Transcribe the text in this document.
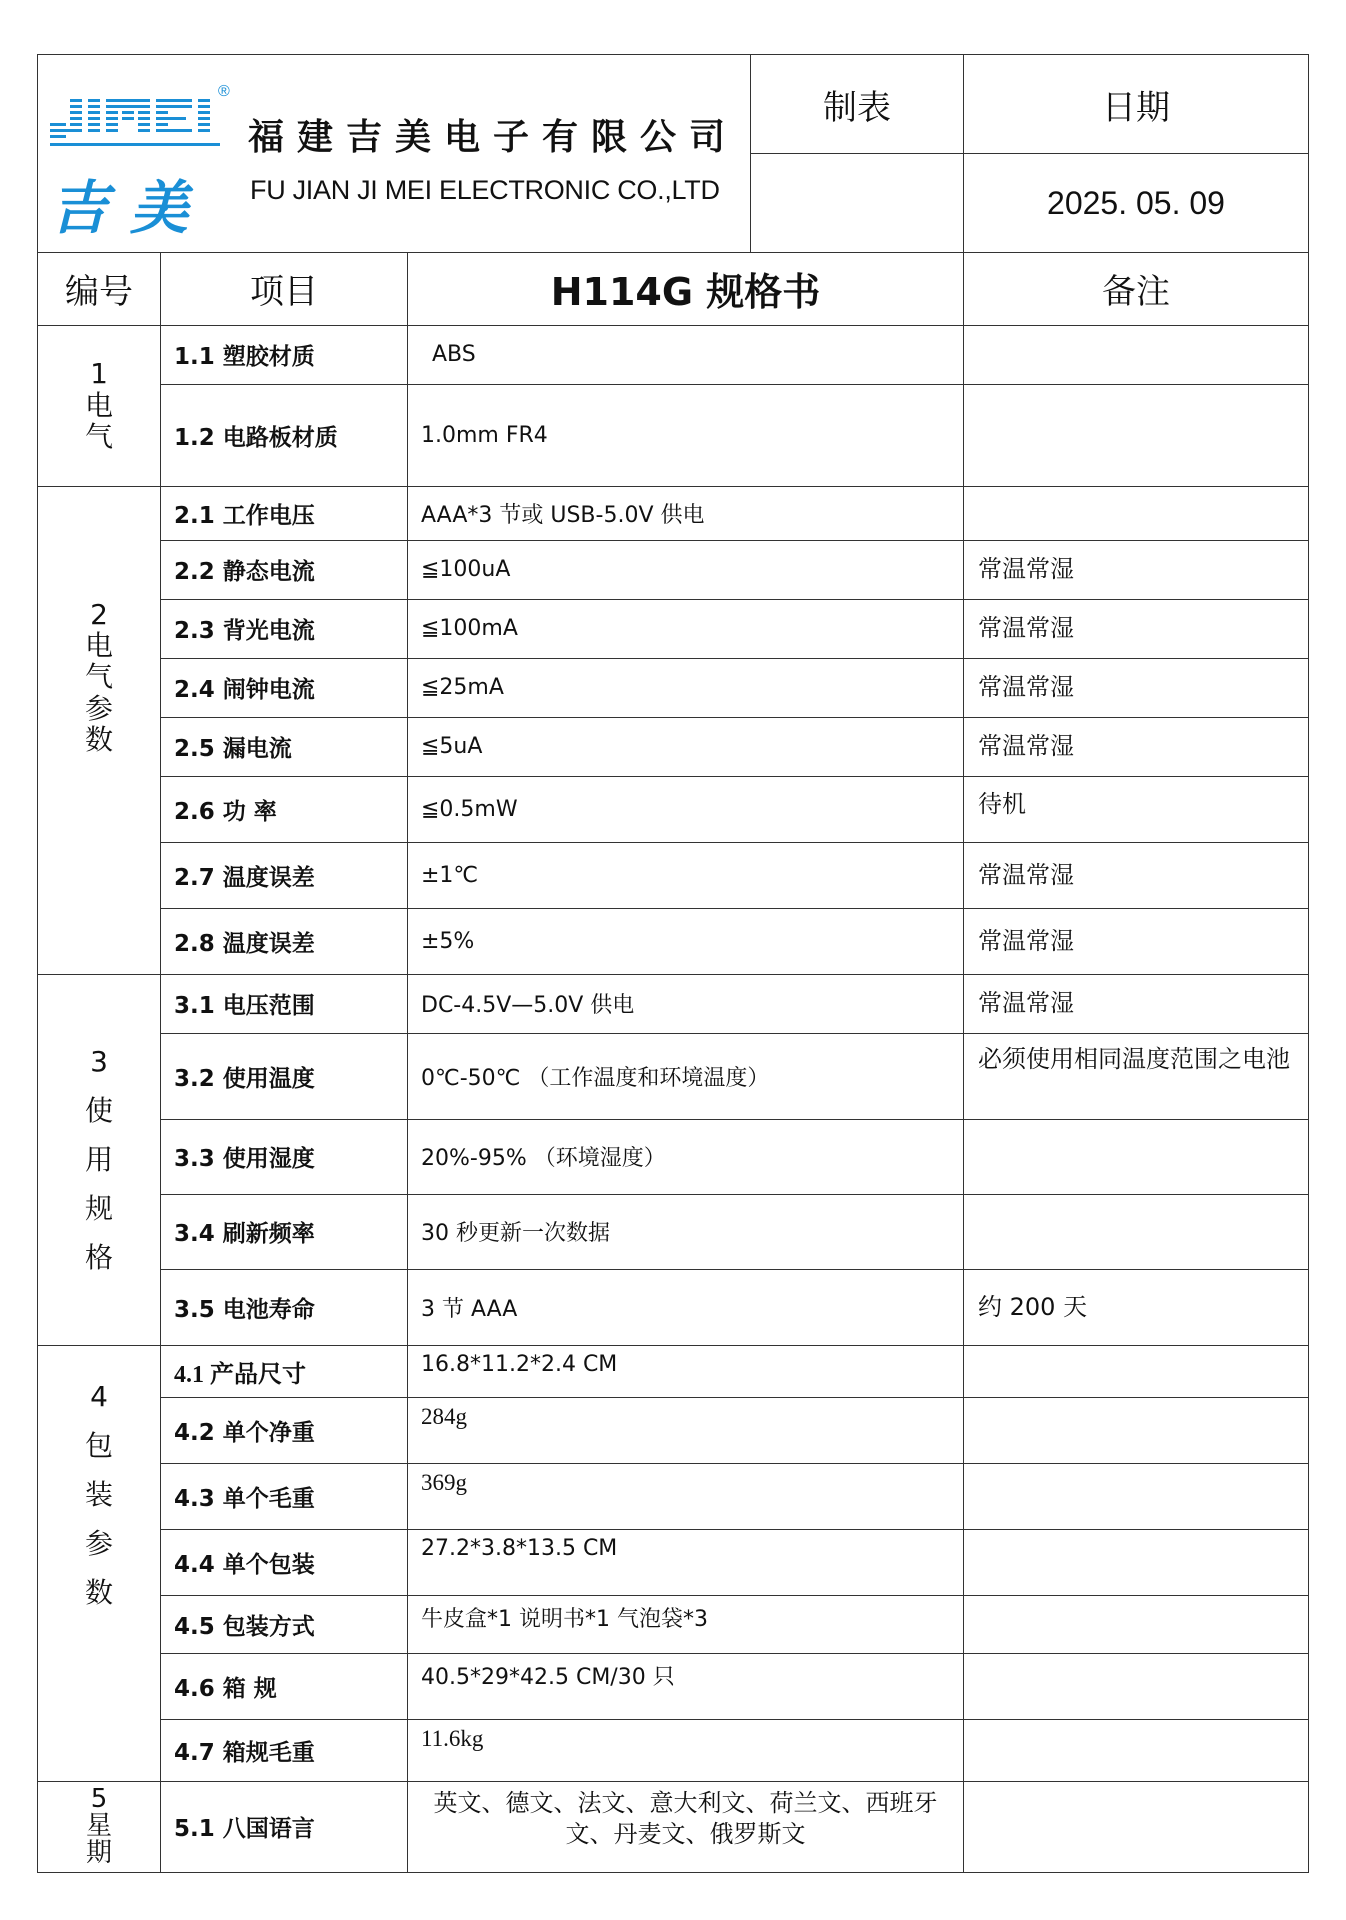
®
吉美
福建吉美电子有限公司
FU JIAN JI MEI ELECTRONIC CO.,LTD	制表	日期
		2025. 05. 09
编号	项目	H114G 规格书	备注
1
电
气	1.1 塑胶材质	ABS	
	1.2 电路板材质	1.0mm FR4	
2
电
气
参
数	2.1 工作电压	AAA*3 节或 USB-5.0V 供电	
	2.2 静态电流	≦100uA	常温常湿
	2.3 背光电流	≦100mA	常温常湿
	2.4 闹钟电流	≦25mA	常温常湿
	2.5 漏电流	≦5uA	常温常湿
	2.6 功 率	≦0.5mW	待机
	2.7 温度误差	±1℃	常温常湿
	2.8 温度误差	±5%	常温常湿
3
使
用
规
格	3.1 电压范围	DC-4.5V—5.0V 供电	常温常湿
	3.2 使用温度	0℃-50℃ （工作温度和环境温度）	必须使用相同温度范围之电池
	3.3 使用湿度	20%-95% （环境湿度）	
	3.4 刷新频率	30 秒更新一次数据	
	3.5 电池寿命	3 节 AAA	约 200 天
4
包
装
参
数	4.1 产品尺寸	16.8*11.2*2.4 CM	
	4.2 单个净重	284g	
	4.3 单个毛重	369g	
	4.4 单个包装	27.2*3.8*13.5 CM	
	4.5 包装方式	牛皮盒*1 说明书*1 气泡袋*3	
	4.6 箱 规	40.5*29*42.5 CM/30 只	
	4.7 箱规毛重	11.6kg	
5
星
期	5.1 八国语言	英文、德文、法文、意大利文、荷兰文、西班牙文、丹麦文、俄罗斯文	
